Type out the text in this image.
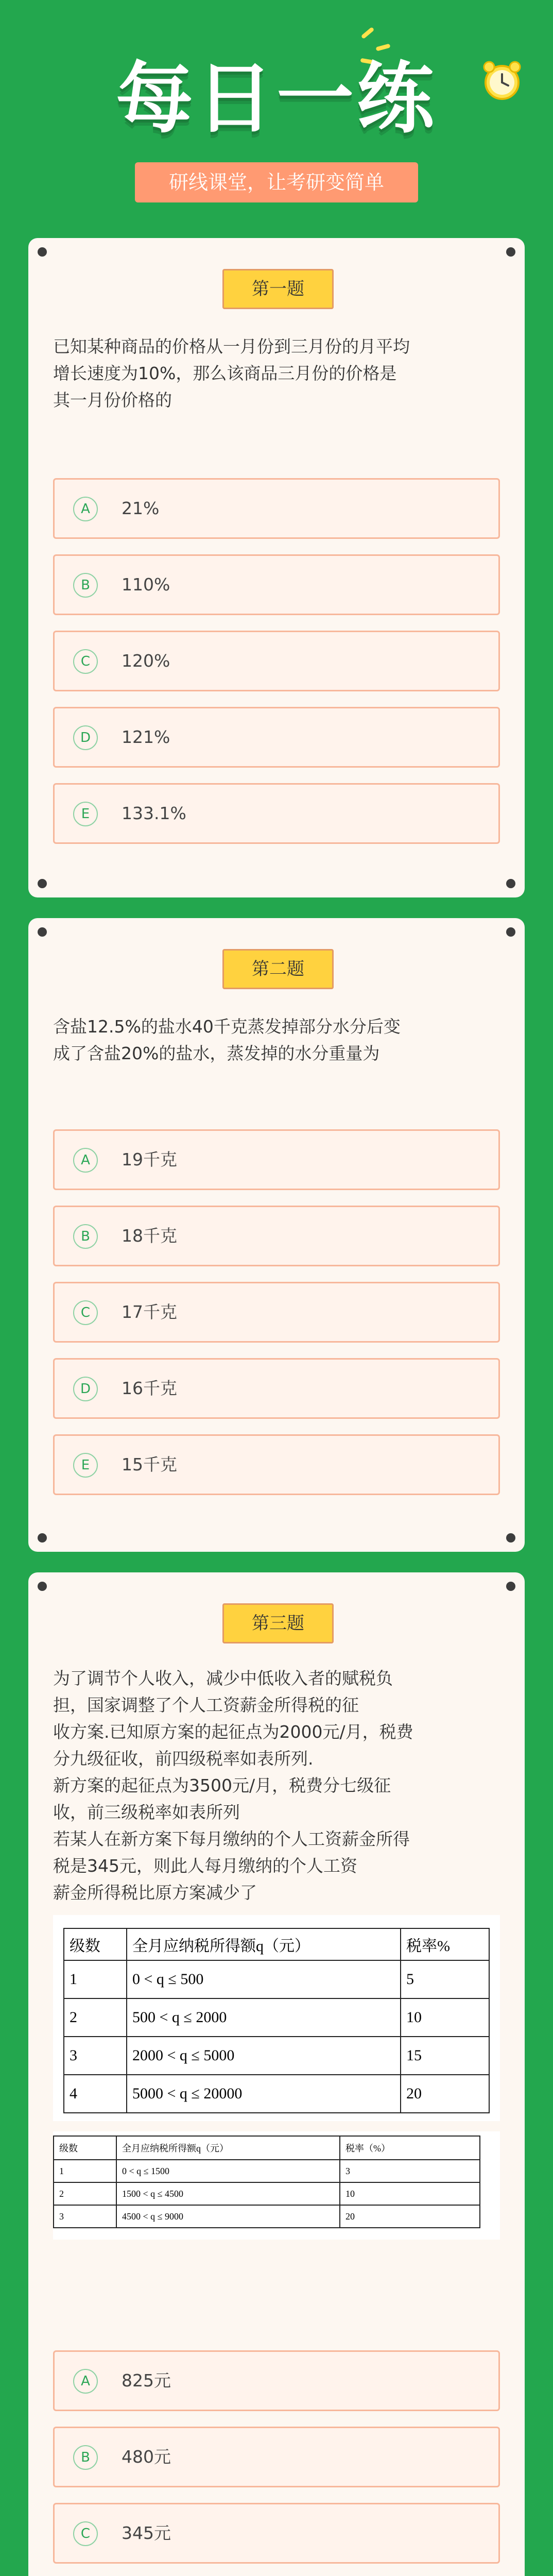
每日一练
研线课堂，让考研变简单
第一题
已知某种商品的价格从一月份到三月份的月平均
增长速度为10%，那么该商品三月份的价格是
其一月份价格的
A	21%
B	110%
C	120%
D	121%
E	133.1%
第二题
含盐12.5%的盐水40千克蒸发掉部分水分后变
成了含盐20%的盐水，蒸发掉的水分重量为
A	19千克
B	18千克
C	17千克
D	16千克
E	15千克
第三题
为了调节个人收入，减少中低收入者的赋税负
担，国家调整了个人工资薪金所得税的征
收方案.已知原方案的起征点为2000元/月，税费
分九级征收，前四级税率如表所列.
新方案的起征点为3500元/月，税费分七级征
收，前三级税率如表所列
若某人在新方案下每月缴纳的个人工资薪金所得
税是345元，则此人每月缴纳的个人工资
薪金所得税比原方案减少了
级数	全月应纳税所得额q（元）	税率%
1	0 < q ≤ 500	5
2	500 < q ≤ 2000	10
3	2000 < q ≤ 5000	15
4	5000 < q ≤ 20000	20
级数	全月应纳税所得额q（元）	税率（%）
1	0 < q ≤ 1500	3
2	1500 < q ≤ 4500	10
3	4500 < q ≤ 9000	20
A	825元
B	480元
C	345元
